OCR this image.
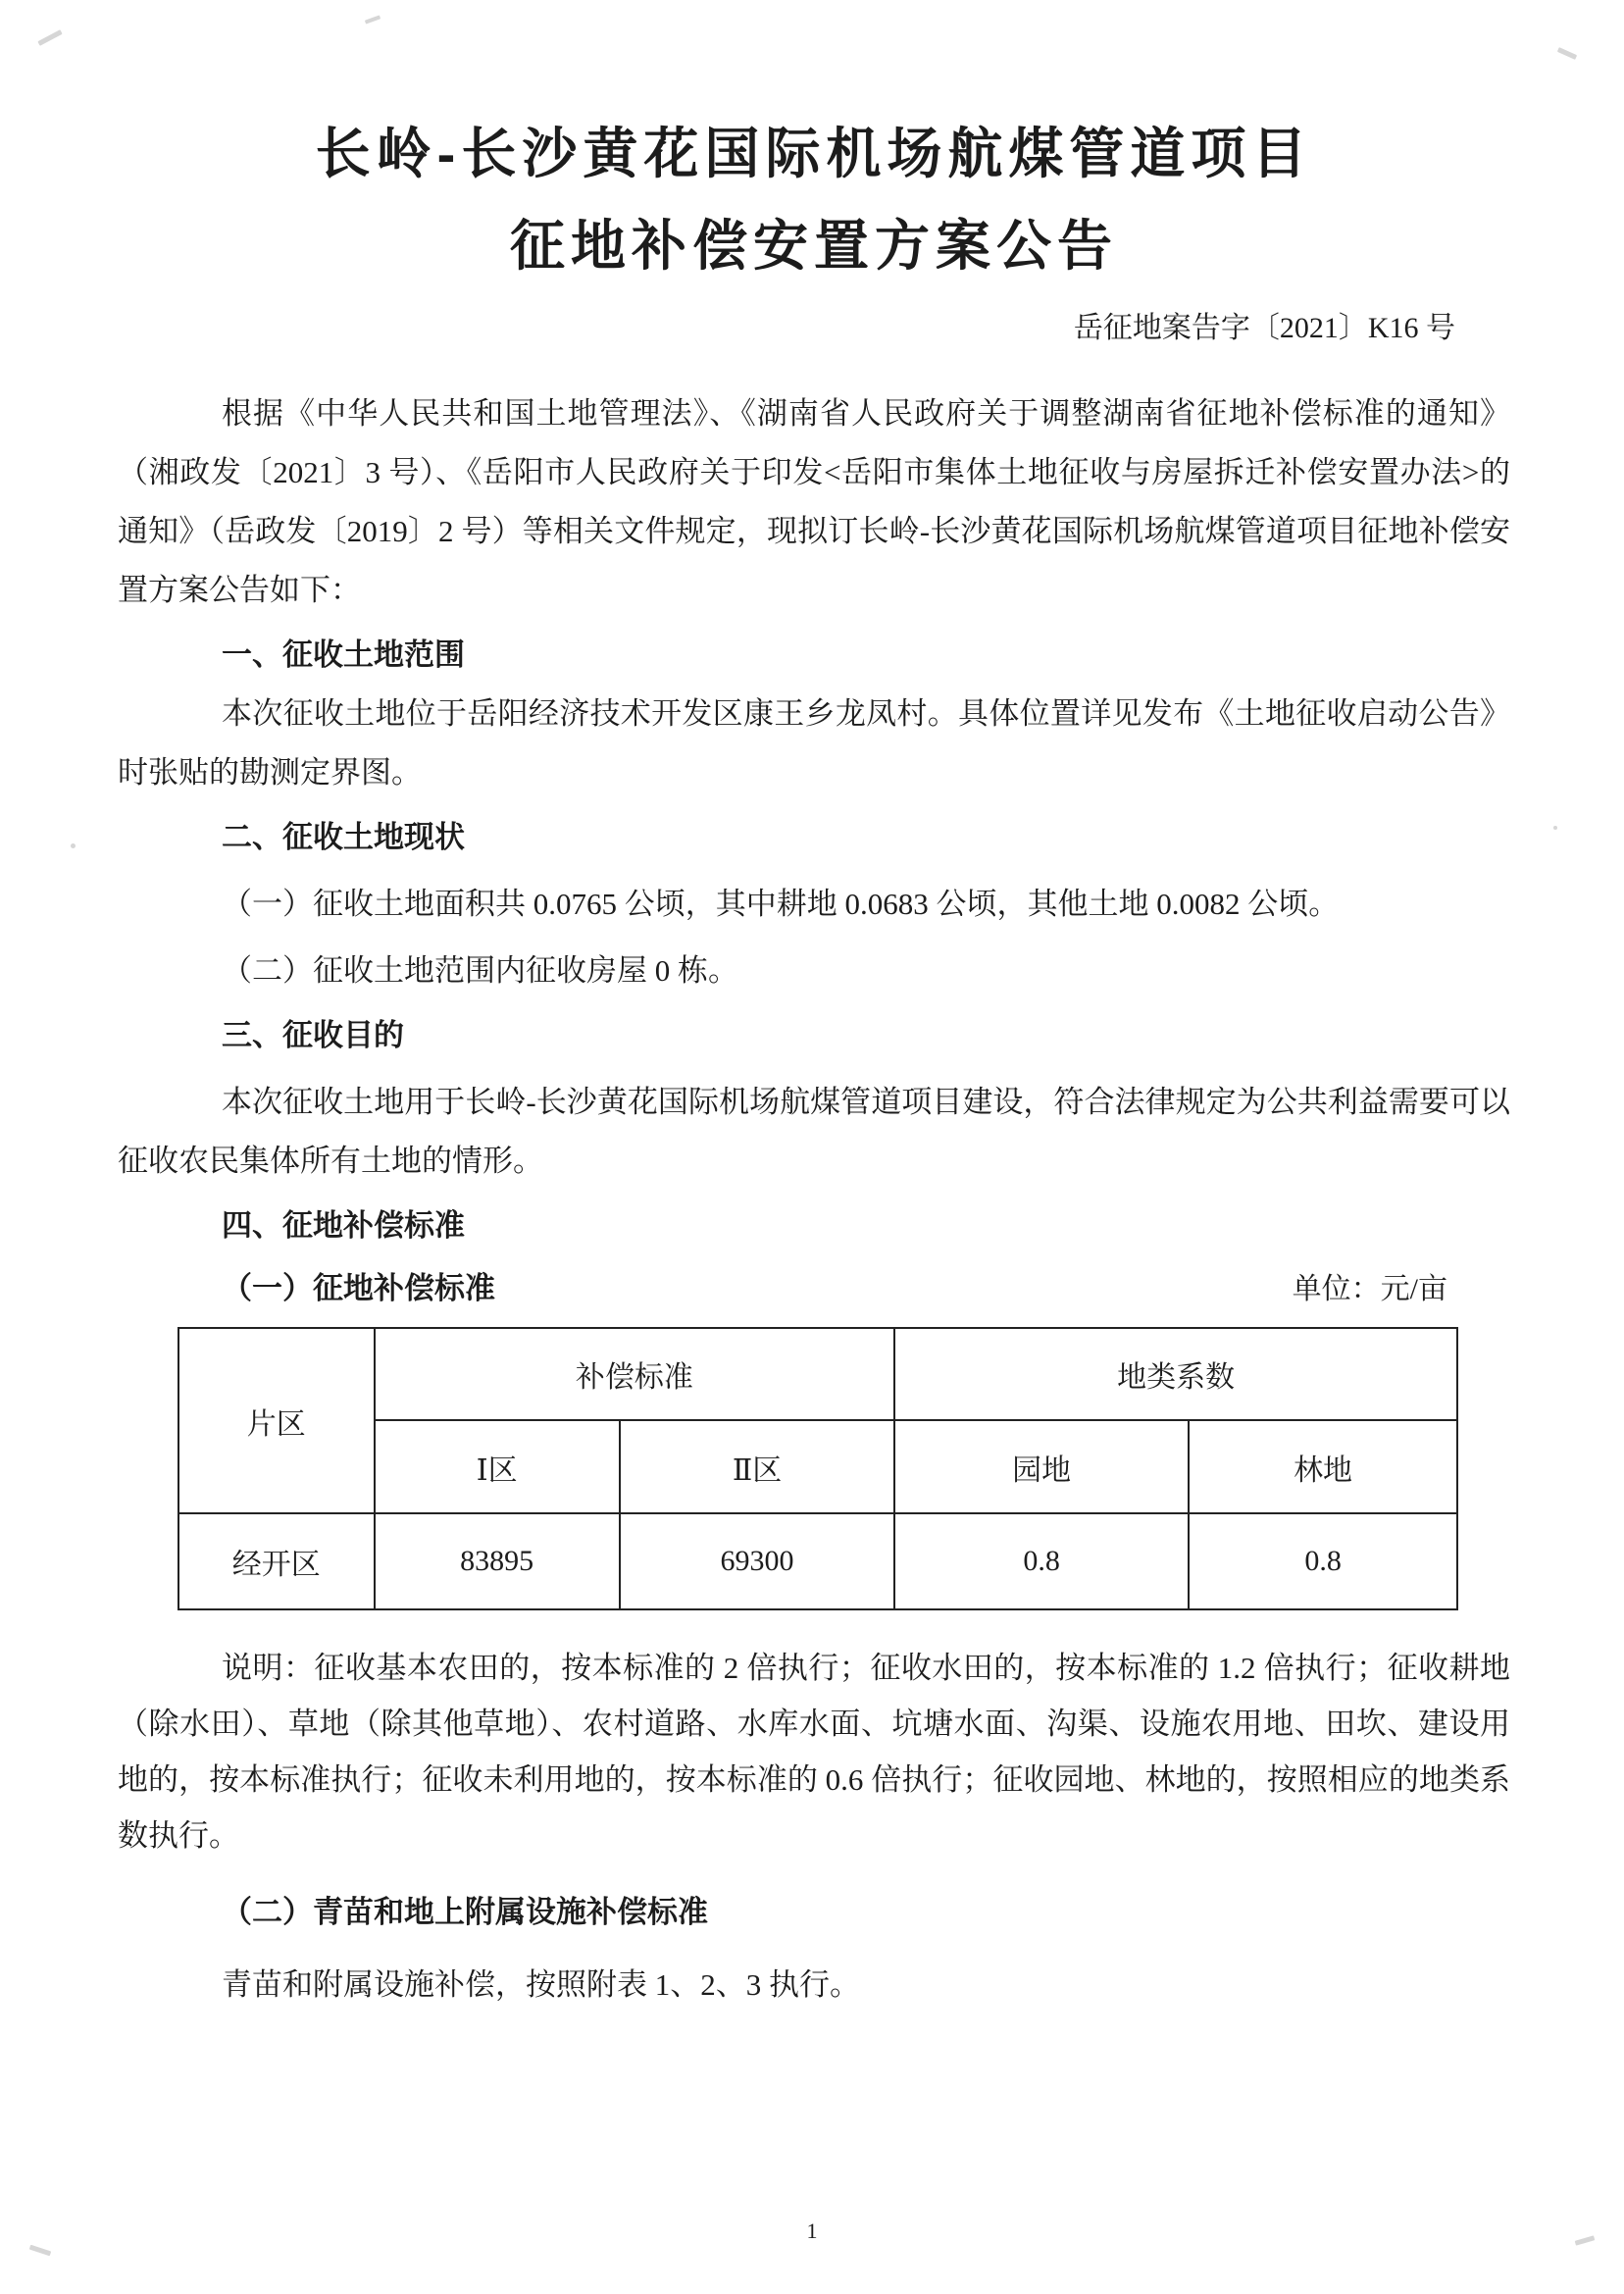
长岭-长沙黄花国际机场航煤管道项目
征地补偿安置方案公告
岳征地案告字〔2021〕K16 号

根据《中华人民共和国土地管理法》、《湖南省人民政府关于调整湖南省征地补偿标准的通知》（湘政发〔2021〕3 号）、《岳阳市人民政府关于印发<岳阳市集体土地征收与房屋拆迁补偿安置办法>的通知》（岳政发〔2019〕2 号）等相关文件规定，现拟订长岭-长沙黄花国际机场航煤管道项目征地补偿安置方案公告如下：

一、征收土地范围

本次征收土地位于岳阳经济技术开发区康王乡龙凤村。具体位置详见发布《土地征收启动公告》时张贴的勘测定界图。

二、征收土地现状

（一）征收土地面积共 0.0765 公顷，其中耕地 0.0683 公顷，其他土地 0.0082 公顷。

（二）征收土地范围内征收房屋 0 栋。

三、征收目的

本次征收土地用于长岭-长沙黄花国际机场航煤管道项目建设，符合法律规定为公共利益需要可以征收农民集体所有土地的情形。

四、征地补偿标准
（一）征地补偿标准	单位：元/亩
片区	补偿标准		地类系数	
	Ⅰ区	Ⅱ区	园地	林地
经开区	83895	69300	0.8	0.8

说明：征收基本农田的，按本标准的 2 倍执行；征收水田的，按本标准的 1.2 倍执行；征收耕地（除水田）、草地（除其他草地）、农村道路、水库水面、坑塘水面、沟渠、设施农用地、田坎、建设用地的，按本标准执行；征收未利用地的，按本标准的 0.6 倍执行；征收园地、林地的，按照相应的地类系数执行。

（二）青苗和地上附属设施补偿标准

青苗和附属设施补偿，按照附表 1、2、3 执行。

1
